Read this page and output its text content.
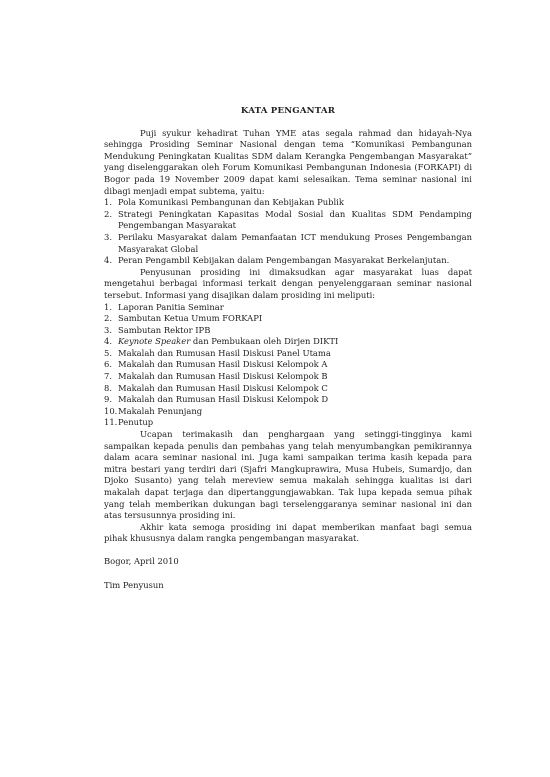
KATA PENGANTAR

Puji syukur kehadirat Tuhan YME atas segala rahmad dan hidayah-Nya sehingga Prosiding Seminar Nasional dengan tema “Komunikasi Pembangunan Mendukung Peningkatan Kualitas SDM dalam Kerangka Pengembangan Masyarakat” yang diselenggarakan oleh Forum Komunikasi Pembangunan Indonesia (FORKAPI) di Bogor pada 19 November 2009 dapat kami selesaikan. Tema seminar nasional ini dibagi menjadi empat subtema, yaitu:

1. Pola Komunikasi Pembangunan dan Kebijakan Publik
2. Strategi Peningkatan Kapasitas Modal Sosial dan Kualitas SDM Pendamping Pengembangan Masyarakat
3. Perilaku Masyarakat dalam Pemanfaatan ICT mendukung Proses Pengembangan Masyarakat Global
4. Peran Pengambil Kebijakan dalam Pengembangan Masyarakat Berkelanjutan.

Penyusunan prosiding ini dimaksudkan agar masyarakat luas dapat mengetahui berbagai informasi terkait dengan penyelenggaraan seminar nasional tersebut. Informasi yang disajikan dalam prosiding ini meliputi:

1. Laporan Panitia Seminar
2. Sambutan Ketua Umum FORKAPI
3. Sambutan Rektor IPB
4. Keynote Speaker dan Pembukaan oleh Dirjen DIKTI
5. Makalah dan Rumusan Hasil Diskusi Panel Utama
6. Makalah dan Rumusan Hasil Diskusi Kelompok A
7. Makalah dan Rumusan Hasil Diskusi Kelompok B
8. Makalah dan Rumusan Hasil Diskusi Kelompok C
9. Makalah dan Rumusan Hasil Diskusi Kelompok D
10. Makalah Penunjang
11. Penutup

Ucapan terimakasih dan penghargaan yang setinggi-tingginya kami sampaikan kepada penulis dan pembahas yang telah menyumbangkan pemikirannya dalam acara seminar nasional ini. Juga kami sampaikan terima kasih kepada para mitra bestari yang terdiri dari (Sjafri Mangkuprawira, Musa Hubeis, Sumardjo, dan Djoko Susanto) yang telah mereview semua makalah sehingga kualitas isi dari makalah dapat terjaga dan dipertanggungjawabkan. Tak lupa kepada semua pihak yang telah memberikan dukungan bagi terselenggaranya seminar nasional ini dan atas tersusunnya prosiding ini.

Akhir kata semoga prosiding ini dapat memberikan manfaat bagi semua pihak khususnya dalam rangka pengembangan masyarakat.

Bogor, April 2010

Tim Penyusun
